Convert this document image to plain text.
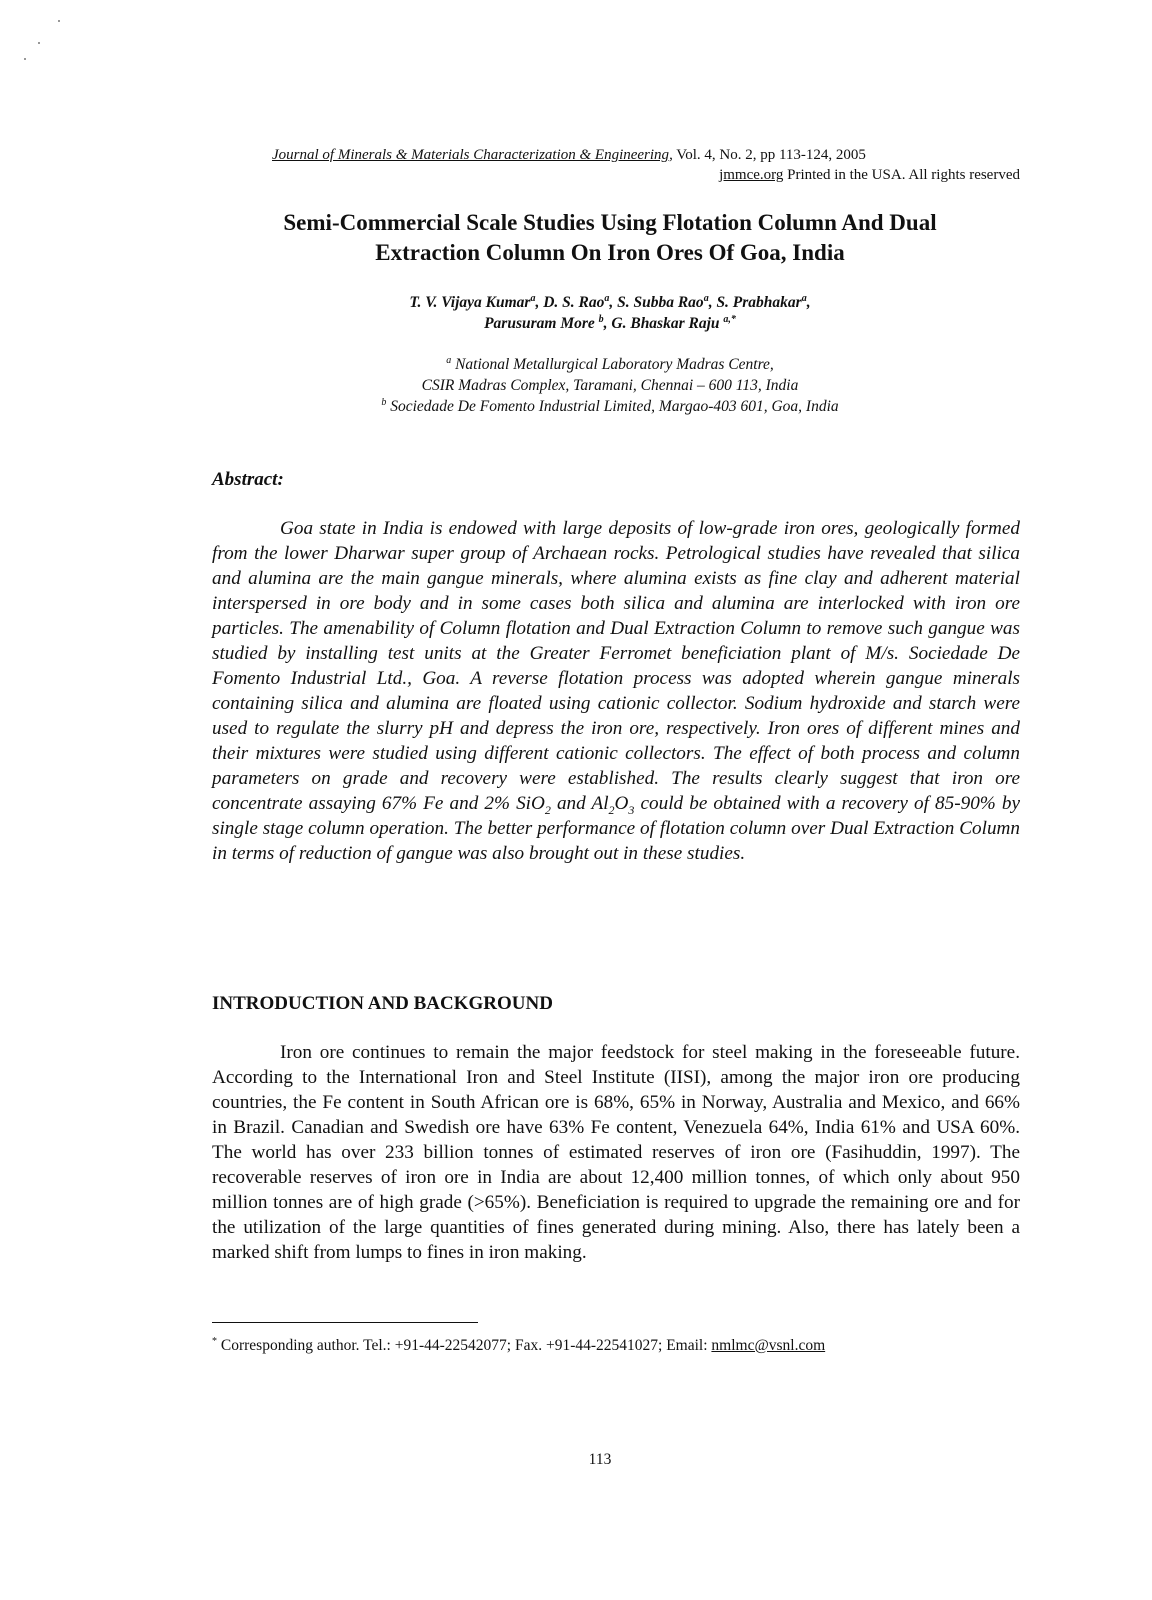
Journal of Minerals & Materials Characterization & Engineering, Vol. 4, No. 2, pp 113-124, 2005
jmmce.org Printed in the USA. All rights reserved
Semi-Commercial Scale Studies Using Flotation Column And Dual
Extraction Column On Iron Ores Of Goa, India
T. V. Vijaya Kumar$^a$, D. S. Rao$^a$, S. Subba Rao$^a$, S. Prabhakar$^a$,
Parusuram More $^b$, G. Bhaskar Raju $^{a,*}$
$^a$ National Metallurgical Laboratory Madras Centre,
CSIR Madras Complex, Taramani, Chennai – 600 113, India
$^b$ Sociedade De Fomento Industrial Limited, Margao-403 601, Goa, India
Abstract:

Goa state in India is endowed with large deposits of low-grade iron ores, geologically formed from the lower Dharwar super group of Archaean rocks. Petrological studies have revealed that silica and alumina are the main gangue minerals, where alumina exists as fine clay and adherent material interspersed in ore body and in some cases both silica and alumina are interlocked with iron ore particles. The amenability of Column flotation and Dual Extraction Column to remove such gangue was studied by installing test units at the Greater Ferromet beneficiation plant of M/s. Sociedade De Fomento Industrial Ltd., Goa. A reverse flotation process was adopted wherein gangue minerals containing silica and alumina are floated using cationic collector. Sodium hydroxide and starch were used to regulate the slurry pH and depress the iron ore, respectively. Iron ores of different mines and their mixtures were studied using different cationic collectors. The effect of both process and column parameters on grade and recovery were established. The results clearly suggest that iron ore concentrate assaying 67% Fe and 2% SiO$_2$ and $Al_2O_3$ could be obtained with a recovery of 85-90% by single stage column operation. The better performance of flotation column over Dual Extraction Column in terms of reduction of gangue was also brought out in these studies.

INTRODUCTION AND BACKGROUND

Iron ore continues to remain the major feedstock for steel making in the foreseeable future. According to the International Iron and Steel Institute (IISI), among the major iron ore producing countries, the Fe content in South African ore is 68%, 65% in Norway, Australia and Mexico, and 66% in Brazil. Canadian and Swedish ore have 63% Fe content, Venezuela 64%, India 61% and USA 60%. The world has over 233 billion tonnes of estimated reserves of iron ore (Fasihuddin, 1997). The recoverable reserves of iron ore in India are about 12,400 million tonnes, of which only about 950 million tonnes are of high grade (>65%). Beneficiation is required to upgrade the remaining ore and for the utilization of the large quantities of fines generated during mining. Also, there has lately been a marked shift from lumps to fines in iron making.

* Corresponding author. Tel.: +91-44-22542077; Fax. +91-44-22541027; Email: nmlmc@vsnl.com
113
